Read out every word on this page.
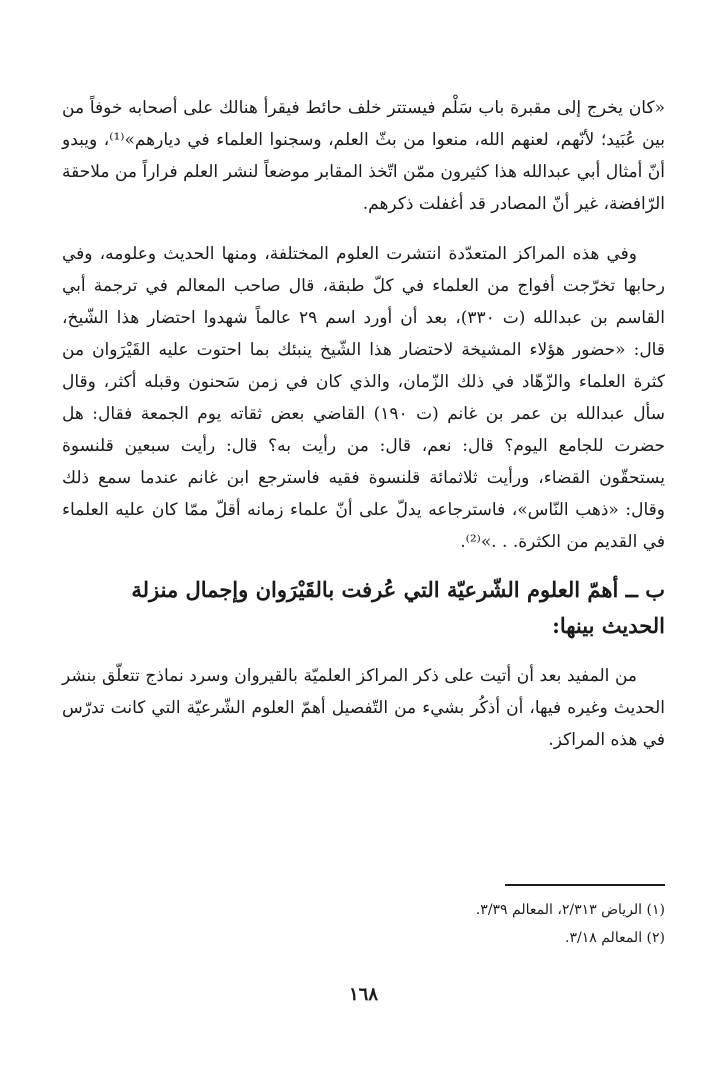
«كان يخرج إلى مقبرة باب سَلْم فيستتر خلف حائط فيقرأ هنالك على أصحابه خوفاً من بين عُبَيد؛ لأنّهم، لعنهم الله، منعوا من بثّ العلم، وسجنوا العلماء في ديارهم»⁽¹⁾، ويبدو أنّ أمثال أبي عبدالله هذا كثيرون ممّن اتّخذ المقابر موضعاً لنشر العلم فراراً من ملاحقة الرّافضة، غير أنّ المصادر قد أغفلت ذكرهم.

وفي هذه المراكز المتعدّدة انتشرت العلوم المختلفة، ومنها الحديث وعلومه، وفي رحابها تخرّجت أفواج من العلماء في كلّ طبقة، قال صاحب المعالم في ترجمة أبي القاسم بن عبدالله (ت ٣٣٠)، بعد أن أورد اسم ٢٩ عالماً شهدوا احتضار هذا الشّيخ، قال: «حضور هؤلاء المشيخة لاحتضار هذا الشّيخ ينبئك بما احتوت عليه القَيْرَوان من كثرة العلماء والزّهّاد في ذلك الزّمان، والذي كان في زمن سَحنون وقبله أكثر، وقال سأل عبدالله بن عمر بن غانم (ت ١٩٠) القاضي بعض ثقاته يوم الجمعة فقال: هل حضرت للجامع اليوم؟ قال: نعم، قال: من رأيت به؟ قال: رأيت سبعين قلنسوة يستحقّون القضاء، ورأيت ثلاثمائة قلنسوة فقيه فاسترجع ابن غانم عندما سمع ذلك وقال: «ذهب النّاس»، فاسترجاعه يدلّ على أنّ علماء زمانه أقلّ ممّا كان عليه العلماء في القديم من الكثرة. . .»⁽²⁾.

ب ــ أهمّ العلوم الشّرعيّة التي عُرفت بالقَيْرَوان وإجمال منزلة الحديث بينها:

من المفيد بعد أن أتيت على ذكر المراكز العلميّة بالقيروان وسرد نماذج تتعلّق بنشر الحديث وغيره فيها، أن أذكُر بشيء من التّفصيل أهمّ العلوم الشّرعيّة التي كانت تدرّس في هذه المراكز.

(١) الرياض ٢/٣١٣، المعالم ٣/٣٩.
(٢) المعالم ٣/١٨.
١٦٨
